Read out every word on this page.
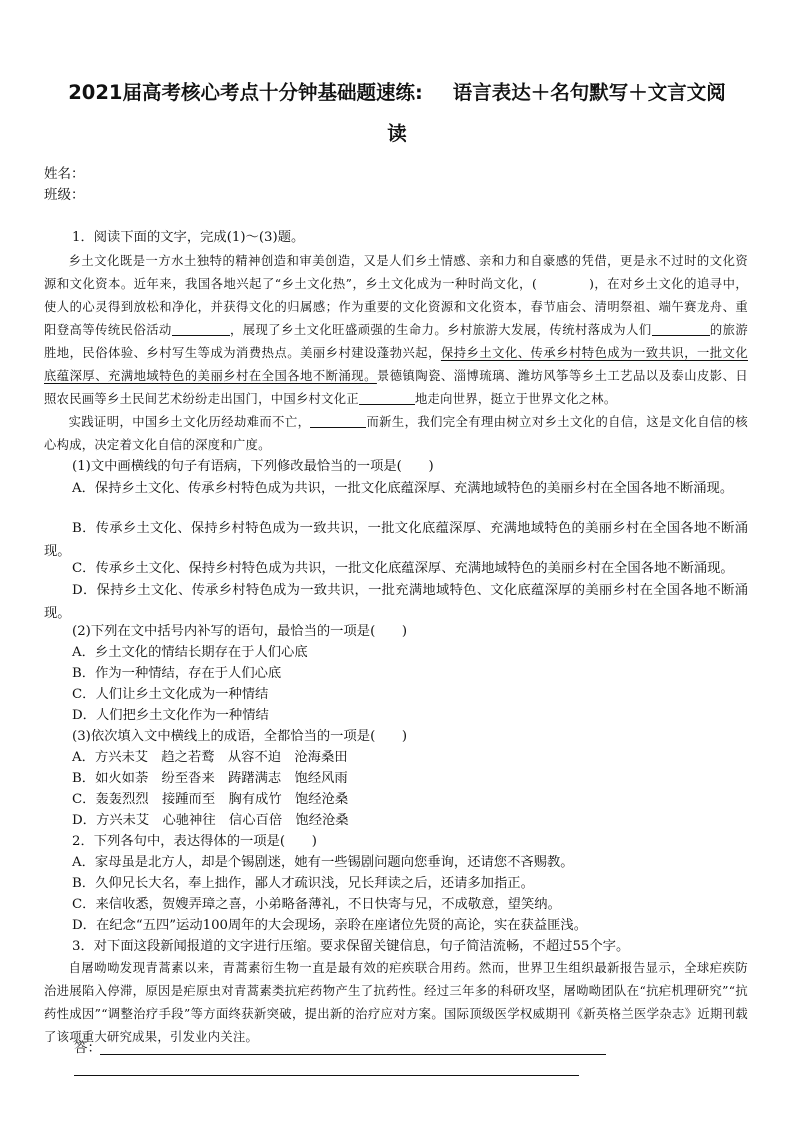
2021届高考核心考点十分钟基础题速练: 语言表达＋名句默写＋文言文阅
读
姓名：
班级：
1．阅读下面的文字，完成(1)～(3)题。

乡土文化既是一方水土独特的精神创造和审美创造，又是人们乡土情感、亲和力和自豪感的凭借，更是永不过时的文化资源和文化资本。近年来，我国各地兴起了“乡土文化热”，乡土文化成为一种时尚文化，(	)，在对乡土文化的追寻中，使人的心灵得到放松和净化，并获得文化的归属感；作为重要的文化资源和文化资本，春节庙会、清明祭祖、端午赛龙舟、重阳登高等传统民俗活动	，展现了乡土文化旺盛顽强的生命力。乡村旅游大发展，传统村落成为人们	的旅游胜地，民俗体验、乡村写生等成为消费热点。美丽乡村建设蓬勃兴起，保持乡土文化、传承乡村特色成为一致共识，一批文化底蕴深厚、充满地域特色的美丽乡村在全国各地不断涌现。景德镇陶瓷、淄博琉璃、潍坊风筝等乡土工艺品以及泰山皮影、日照农民画等乡土民间艺术纷纷走出国门，中国乡村文化正	地走向世界，挺立于世界文化之林。

实践证明，中国乡土文化历经劫难而不亡，	而新生，我们完全有理由树立对乡土文化的自信，这是文化自信的核心构成，决定着文化自信的深度和广度。

(1)文中画横线的句子有语病，下列修改最恰当的一项是(　　)
A．保持乡土文化、传承乡村特色成为共识，一批文化底蕴深厚、充满地域特色的美丽乡村在全国各地不断涌现。
B．传承乡土文化、保持乡村特色成为一致共识，一批文化底蕴深厚、充满地域特色的美丽乡村在全国各地不断涌现。
C．传承乡土文化、保持乡村特色成为共识，一批文化底蕴深厚、充满地域特色的美丽乡村在全国各地不断涌现。
D．保持乡土文化、传承乡村特色成为一致共识，一批充满地域特色、文化底蕴深厚的美丽乡村在全国各地不断涌现。
(2)下列在文中括号内补写的语句，最恰当的一项是(　　)
A．乡土文化的情结长期存在于人们心底
B．作为一种情结，存在于人们心底
C．人们让乡土文化成为一种情结
D．人们把乡土文化作为一种情结
(3)依次填入文中横线上的成语，全都恰当的一项是(　　)
A．方兴未艾　趋之若鹜　从容不迫　沧海桑田
B．如火如荼　纷至沓来　踌躇满志　饱经风雨
C．轰轰烈烈　接踵而至　胸有成竹　饱经沧桑
D．方兴未艾　心驰神往　信心百倍　饱经沧桑
2．下列各句中，表达得体的一项是(　　)
A．家母虽是北方人，却是个锡剧迷，她有一些锡剧问题向您垂询，还请您不吝赐教。
B．久仰兄长大名，奉上拙作，鄙人才疏识浅，兄长拜读之后，还请多加指正。
C．来信收悉，贺嫂弄璋之喜，小弟略备薄礼，不日快寄与兄，不成敬意，望笑纳。
D．在纪念“五四”运动100周年的大会现场，亲聆在座诸位先贤的高论，实在获益匪浅。
3．对下面这段新闻报道的文字进行压缩。要求保留关键信息，句子简洁流畅，不超过55个字。

自屠呦呦发现青蒿素以来，青蒿素衍生物一直是最有效的疟疾联合用药。然而，世界卫生组织最新报告显示，全球疟疾防治进展陷入停滞，原因是疟原虫对青蒿素类抗疟药物产生了抗药性。经过三年多的科研攻坚，屠呦呦团队在“抗疟机理研究”“抗药性成因”“调整治疗手段”等方面终获新突破，提出新的治疗应对方案。国际顶级医学权威期刊《新英格兰医学杂志》近期刊载了该项重大研究成果，引发业内关注。

答：
